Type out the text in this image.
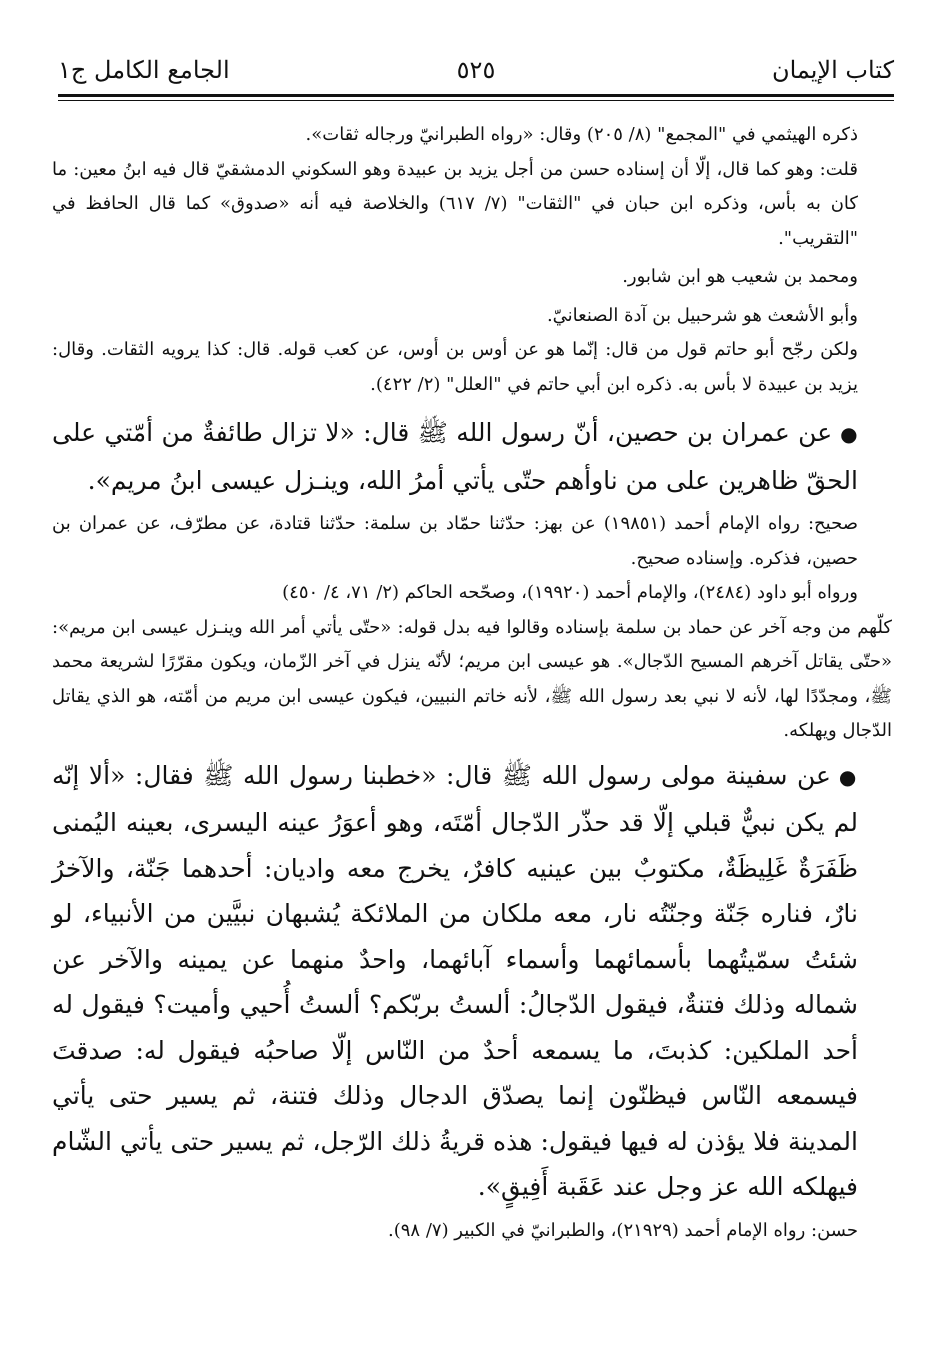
كتاب الإيمان
٥٢٥
الجامع الكامل ج١

ذكره الهيثمي في "المجمع" (٨/ ٢٠٥) وقال: «رواه الطبرانيّ ورجاله ثقات».

قلت: وهو كما قال، إلّا أن إسناده حسن من أجل يزيد بن عبيدة وهو السكوني الدمشقيّ قال فيه ابنُ معين: ما كان به بأس، وذكره ابن حبان في "الثقات" (٧/ ٦١٧) والخلاصة فيه أنه «صدوق» كما قال الحافظ في "التقريب".

ومحمد بن شعيب هو ابن شابور.

وأبو الأشعث هو شرحبيل بن آدة الصنعانيّ.

ولكن رجّح أبو حاتم قول من قال: إنّما هو عن أوس بن أوس، عن كعب قوله. قال: كذا يرويه الثقات. وقال: يزيد بن عبيدة لا بأس به. ذكره ابن أبي حاتم في "العلل" (٢/ ٤٢٢).

●عن عمران بن حصين، أنّ رسول الله ﷺ قال: «لا تزال طائفةٌ من أمّتي على الحقّ ظاهرين على من ناوأهم حتّى يأتي أمرُ الله، وينـزل عيسى ابنُ مريم».

صحيح: رواه الإمام أحمد (١٩٨٥١) عن بهز: حدّثنا حمّاد بن سلمة: حدّثنا قتادة، عن مطرّف، عن عمران بن حصين، فذكره. وإسناده صحيح.

ورواه أبو داود (٢٤٨٤)، والإمام أحمد (١٩٩٢٠)، وصحّحه الحاكم (٢/ ٧١، ٤/ ٤٥٠)

كلّهم من وجه آخر عن حماد بن سلمة بإسناده وقالوا فيه بدل قوله: «حتّى يأتي أمر الله وينـزل عيسى ابن مريم»: «حتّى يقاتل آخرهم المسيح الدّجال». هو عيسى ابن مريم؛ لأنّه ينزل في آخر الزّمان، ويكون مقرّرًا لشريعة محمد ﷺ، ومجدّدًا لها، لأنه لا نبي بعد رسول الله ﷺ، لأنه خاتم النبيين، فيكون عيسى ابن مريم من أمّته، هو الذي يقاتل الدّجال ويهلكه.

●عن سفينة مولى رسول الله ﷺ قال: «خطبنا رسول الله ﷺ فقال: «ألا إنّه لم يكن نبيٌّ قبلي إلّا قد حذّر الدّجال أمّتَه، وهو أعوَرُ عينه اليسرى، بعينه اليُمنى ظَفَرَةٌ غَلِيظَةٌ، مكتوبٌ بين عينيه كافرٌ، يخرج معه واديان: أحدهما جَنّة، والآخرُ نارٌ، فناره جَنّة وجنّتُه نار، معه ملكان من الملائكة يُشبهان نبيَّين من الأنبياء، لو شئتُ سمّيتُهما بأسمائهما وأسماء آبائهما، واحدٌ منهما عن يمينه والآخر عن شماله وذلك فتنةٌ، فيقول الدّجالُ: ألستُ بربّكم؟ ألستُ أُحيي وأميت؟ فيقول له أحد الملكين: كذبتَ، ما يسمعه أحدٌ من النّاس إلّا صاحبُه فيقول له: صدقتَ فيسمعه النّاس فيظنّون إنما يصدّق الدجال وذلك فتنة، ثم يسير حتى يأتي المدينة فلا يؤذن له فيها فيقول: هذه قريةُ ذلك الرّجل، ثم يسير حتى يأتي الشّام فيهلكه الله عز وجل عند عَقَبة أَفِيقٍ».

حسن: رواه الإمام أحمد (٢١٩٢٩)، والطبرانيّ في الكبير (٧/ ٩٨).
